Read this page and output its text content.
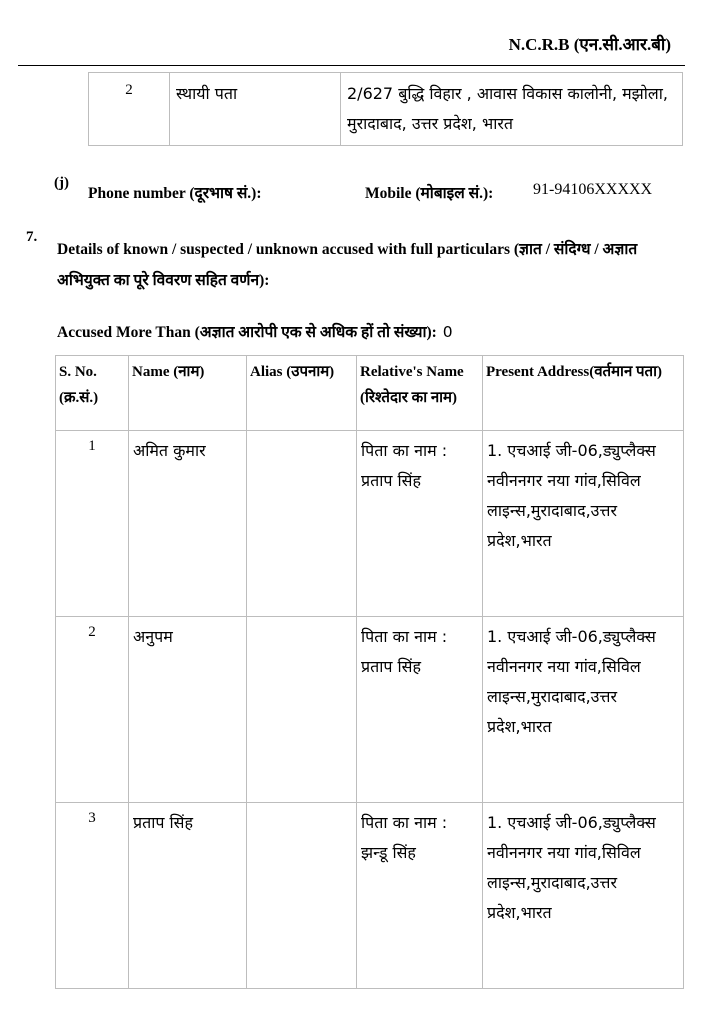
N.C.R.B (एन.सी.आर.बी)
2	स्थायी पता	2/627 बुद्धि विहार , आवास विकास कालोनी, मझोला, मुरादाबाद, उत्तर प्रदेश, भारत
(j)
Phone number (दूरभाष सं.):	Mobile (मोबाइल सं.): 91-94106XXXXX
7.
Details of known / suspected / unknown accused with full particulars (ज्ञात / संदिग्ध / अज्ञात अभियुक्त का पूरे विवरण सहित वर्णन):
Accused More Than (अज्ञात आरोपी एक से अधिक हों तो संख्या): 0
S. No. (क्र.सं.)	Name (नाम)	Alias (उपनाम)	Relative's Name (रिश्तेदार का नाम)	Present Address(वर्तमान पता)
1	अमित कुमार		पिता का नाम : प्रताप सिंह	1. एचआई जी-06,ड्युप्लैक्स नवीननगर नया गांव,सिविल लाइन्स,मुरादाबाद,उत्तर प्रदेश,भारत
2	अनुपम		पिता का नाम : प्रताप सिंह	1. एचआई जी-06,ड्युप्लैक्स नवीननगर नया गांव,सिविल लाइन्स,मुरादाबाद,उत्तर प्रदेश,भारत
3	प्रताप सिंह		पिता का नाम : झन्डू सिंह	1. एचआई जी-06,ड्युप्लैक्स नवीननगर नया गांव,सिविल लाइन्स,मुरादाबाद,उत्तर प्रदेश,भारत
